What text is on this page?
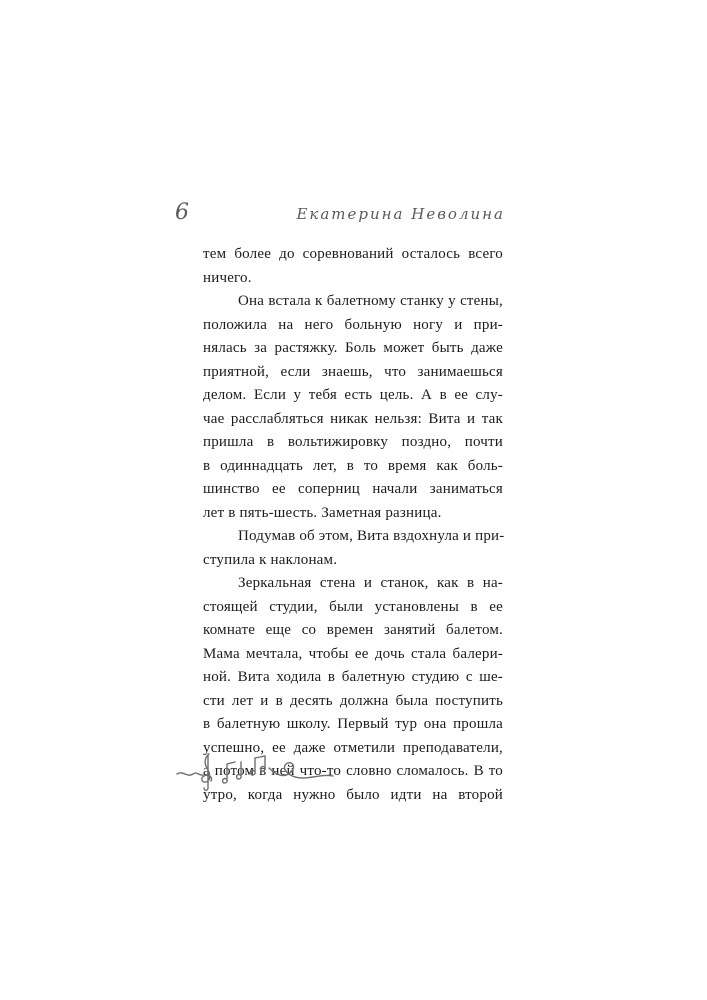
6	Екатерина Неволина
тем более до соревнований осталось всего
ничего.
Она встала к балетному станку у стены,
положила на него больную ногу и при-
нялась за растяжку. Боль может быть даже
приятной, если знаешь, что занимаешься
делом. Если у тебя есть цель. А в ее слу-
чае расслабляться никак нельзя: Вита и так
пришла в вольтижировку поздно, почти
в одиннадцать лет, в то время как боль-
шинство ее соперниц начали заниматься
лет в пять-шесть. Заметная разница.
Подумав об этом, Вита вздохнула и при-
ступила к наклонам.
Зеркальная стена и станок, как в на-
стоящей студии, были установлены в ее
комнате еще со времен занятий балетом.
Мама мечтала, чтобы ее дочь стала балери-
ной. Вита ходила в балетную студию с ше-
сти лет и в десять должна была поступить
в балетную школу. Первый тур она прошла
успешно, ее даже отметили преподаватели,
а потом в ней что-то словно сломалось. В то
утро, когда нужно было идти на второй
